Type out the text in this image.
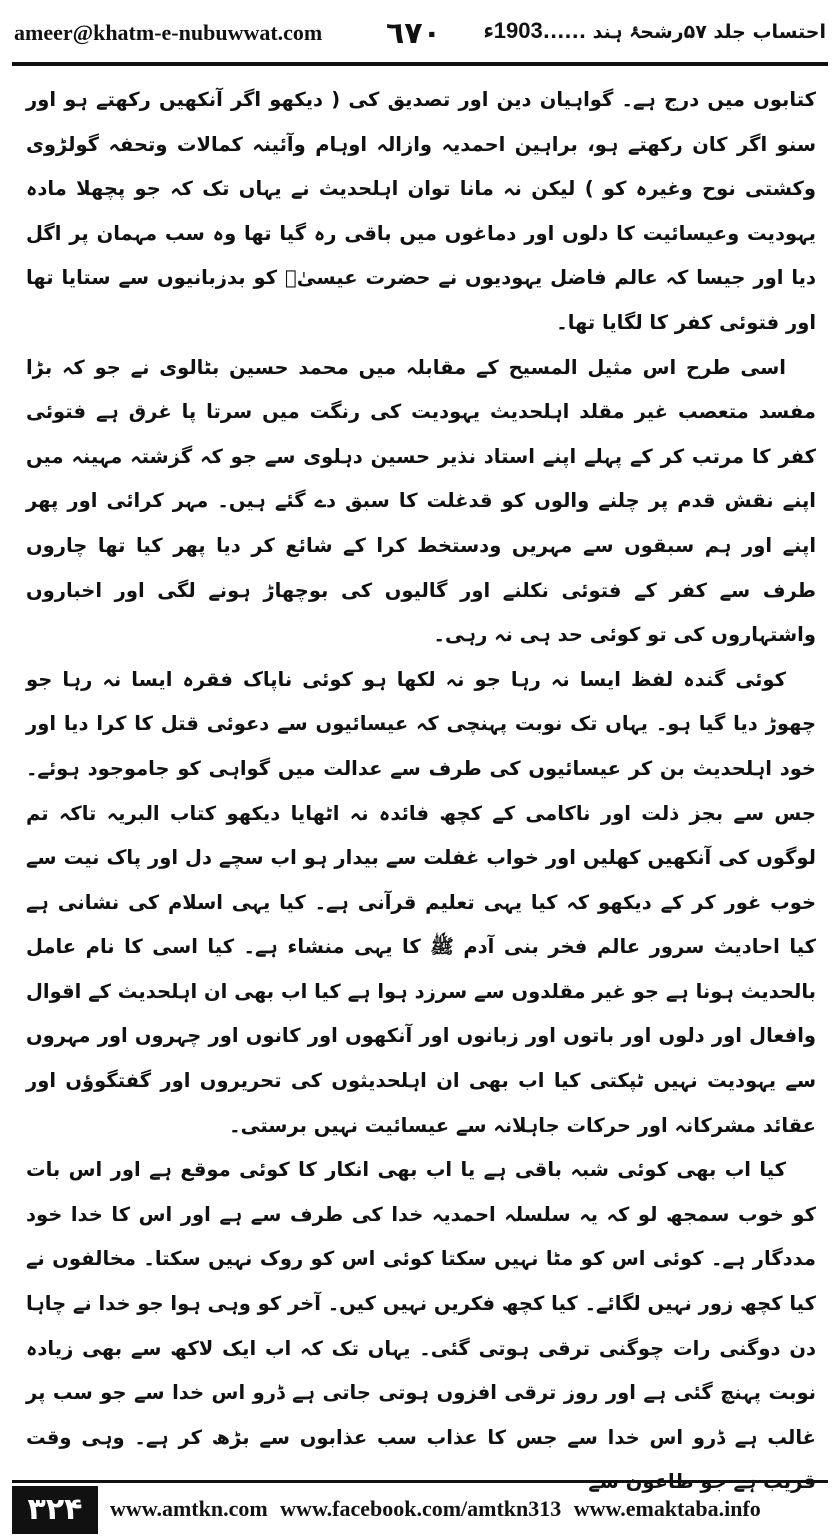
ameer@khatm-e-nubuwwat.com ٦٧٠	احتساب جلد ۵۷رشحۂ ہند ......1903ء

کتابوں میں درج ہے۔ گواہیان دین اور تصدیق کی ( دیکھو اگر آنکھیں رکھتے ہو اور سنو اگر کان رکھتے ہو، براہین احمدیہ وازالہ اوہام وآئینہ کمالات وتحفہ گولڑوی وکشتی نوح وغیرہ کو ) لیکن نہ مانا توان اہلحدیث نے یہاں تک کہ جو پچھلا مادہ یہودیت وعیسائیت کا دلوں اور دماغوں میں باقی رہ گیا تھا وہ سب مہمان پر اگل دیا اور جیسا کہ عالم فاضل یہودیوں نے حضرت عیسیٰؑ کو بدزبانیوں سے ستایا تھا اور فتوئی کفر کا لگایا تھا۔

اسی طرح اس مثیل المسیح کے مقابلہ میں محمد حسین بٹالوی نے جو کہ بڑا مفسد متعصب غیر مقلد اہلحدیث یہودیت کی رنگت میں سرتا پا غرق ہے فتوئی کفر کا مرتب کر کے پہلے اپنے استاد نذیر حسین دہلوی سے جو کہ گزشتہ مہینہ میں اپنے نقش قدم پر چلنے والوں کو قدغلت کا سبق دے گئے ہیں۔ مہر کرائی اور پھر اپنے اور ہم سبقوں سے مہریں ودستخط کرا کے شائع کر دیا پھر کیا تھا چاروں طرف سے کفر کے فتوئی نکلنے اور گالیوں کی بوچھاڑ ہونے لگی اور اخباروں واشتہاروں کی تو کوئی حد ہی نہ رہی۔

کوئی گندہ لفظ ایسا نہ رہا جو نہ لکھا ہو کوئی ناپاک فقرہ ایسا نہ رہا جو چھوڑ دیا گیا ہو۔ یہاں تک نوبت پہنچی کہ عیسائیوں سے دعوئی قتل کا کرا دیا اور خود اہلحدیث بن کر عیسائیوں کی طرف سے عدالت میں گواہی کو جاموجود ہوئے۔ جس سے بجز ذلت اور ناکامی کے کچھ فائدہ نہ اٹھایا دیکھو کتاب البریہ تاکہ تم لوگوں کی آنکھیں کھلیں اور خواب غفلت سے بیدار ہو اب سچے دل اور پاک نیت سے خوب غور کر کے دیکھو کہ کیا یہی تعلیم قرآنی ہے۔ کیا یہی اسلام کی نشانی ہے کیا احادیث سرور عالم فخر بنی آدم ﷺ کا یہی منشاء ہے۔ کیا اسی کا نام عامل بالحدیث ہونا ہے جو غیر مقلدوں سے سرزد ہوا ہے کیا اب بھی ان اہلحدیث کے اقوال وافعال اور دلوں اور باتوں اور زبانوں اور آنکھوں اور کانوں اور چہروں اور مہروں سے یہودیت نہیں ٹپکتی کیا اب بھی ان اہلحدیثوں کی تحریروں اور گفتگوؤں اور عقائد مشرکانہ اور حرکات جاہلانہ سے عیسائیت نہیں برستی۔

کیا اب بھی کوئی شبہ باقی ہے یا اب بھی انکار کا کوئی موقع ہے اور اس بات کو خوب سمجھ لو کہ یہ سلسلہ احمدیہ خدا کی طرف سے ہے اور اس کا خدا خود مددگار ہے۔ کوئی اس کو مٹا نہیں سکتا کوئی اس کو روک نہیں سکتا۔ مخالفوں نے کیا کچھ زور نہیں لگائے۔ کیا کچھ فکریں نہیں کیں۔ آخر کو وہی ہوا جو خدا نے چاہا دن دوگنی رات چوگنی ترقی ہوتی گئی۔ یہاں تک کہ اب ایک لاکھ سے بھی زیادہ نوبت پہنچ گئی ہے اور روز ترقی افزوں ہوتی جاتی ہے ڈرو اس خدا سے جو سب پر غالب ہے ڈرو اس خدا سے جس کا عذاب سب عذابوں سے بڑھ کر ہے۔ وہی وقت

۳۲۴	www.amtkn.com www.facebook.com/amtkn313 www.emaktaba.info
